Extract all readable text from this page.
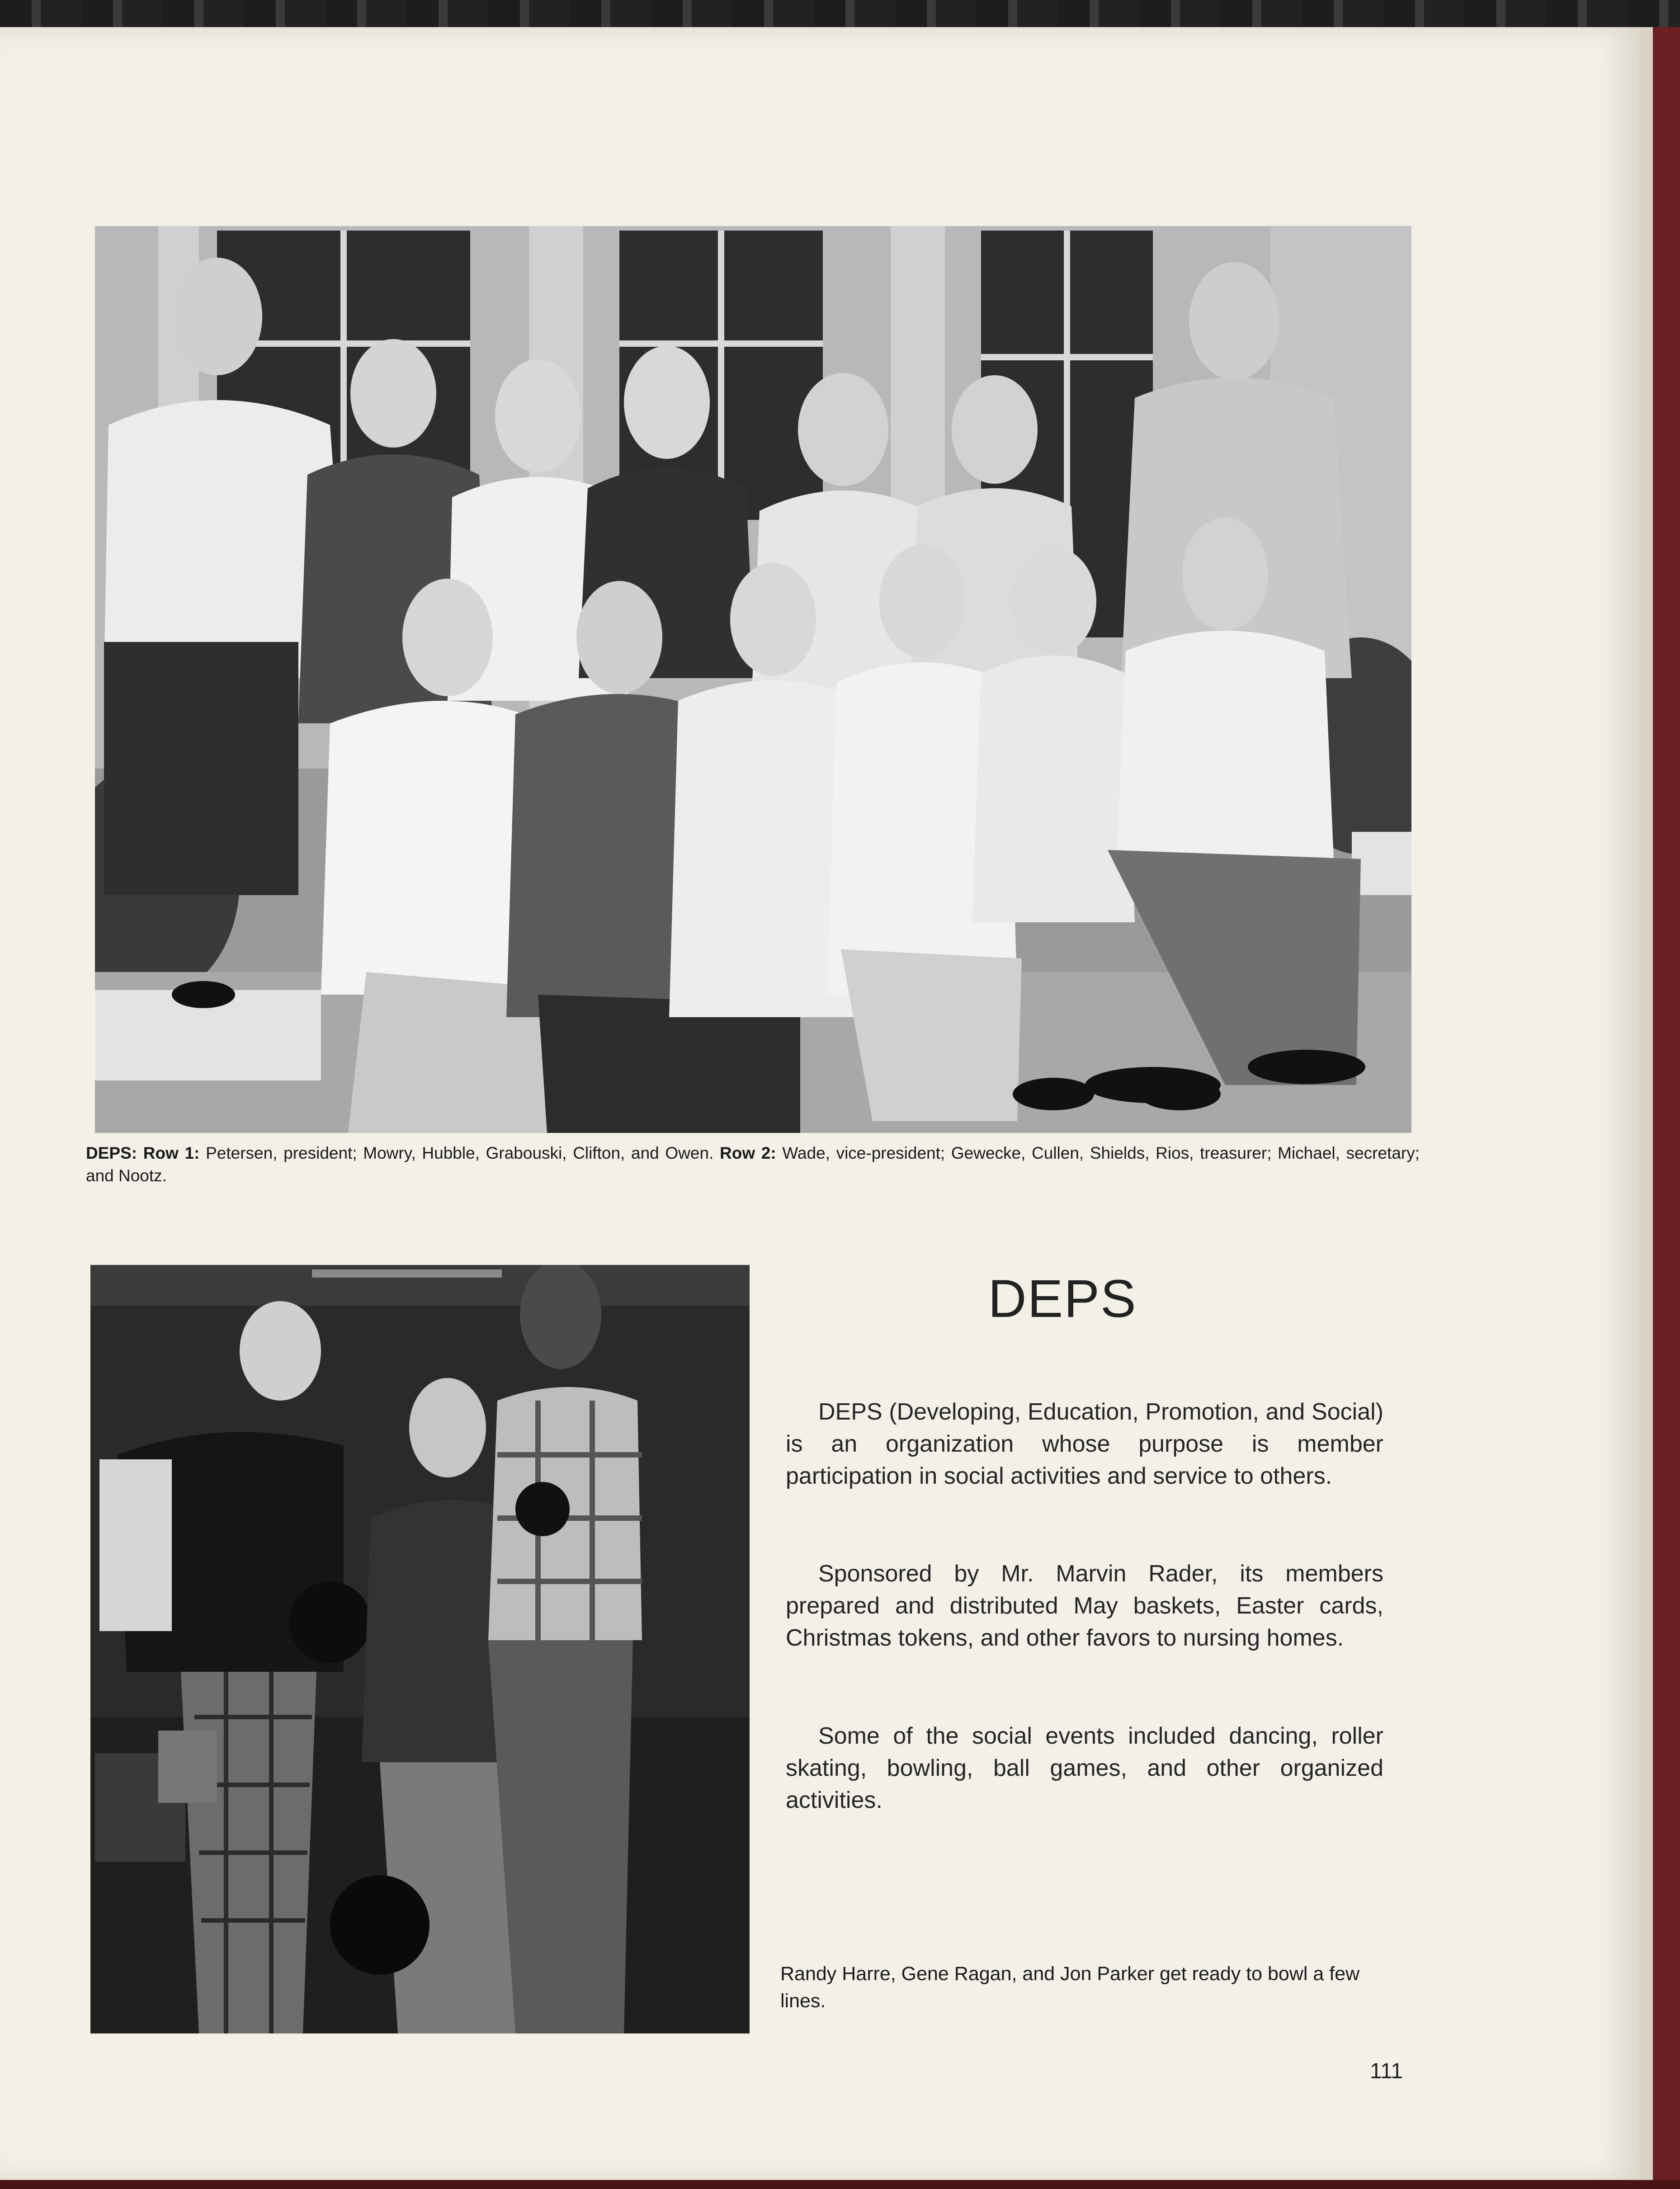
DEPS: Row 1: Petersen, president; Mowry, Hubble, Grabouski, Clifton, and Owen. Row 2: Wade, vice-president; Gewecke, Cullen, Shields, Rios, treasurer; Michael, secretary; and Nootz.
DEPS

DEPS (Developing, Education, Promotion, and Social) is an organization whose purpose is member participation in social activities and service to others.

Sponsored by Mr. Marvin Rader, its members prepared and distributed May baskets, Easter cards, Christmas tokens, and other favors to nursing homes.

Some of the social events included dancing, roller skating, bowling, ball games, and other organized activities.

Randy Harre, Gene Ragan, and Jon Parker get ready to bowl a few lines.
111
